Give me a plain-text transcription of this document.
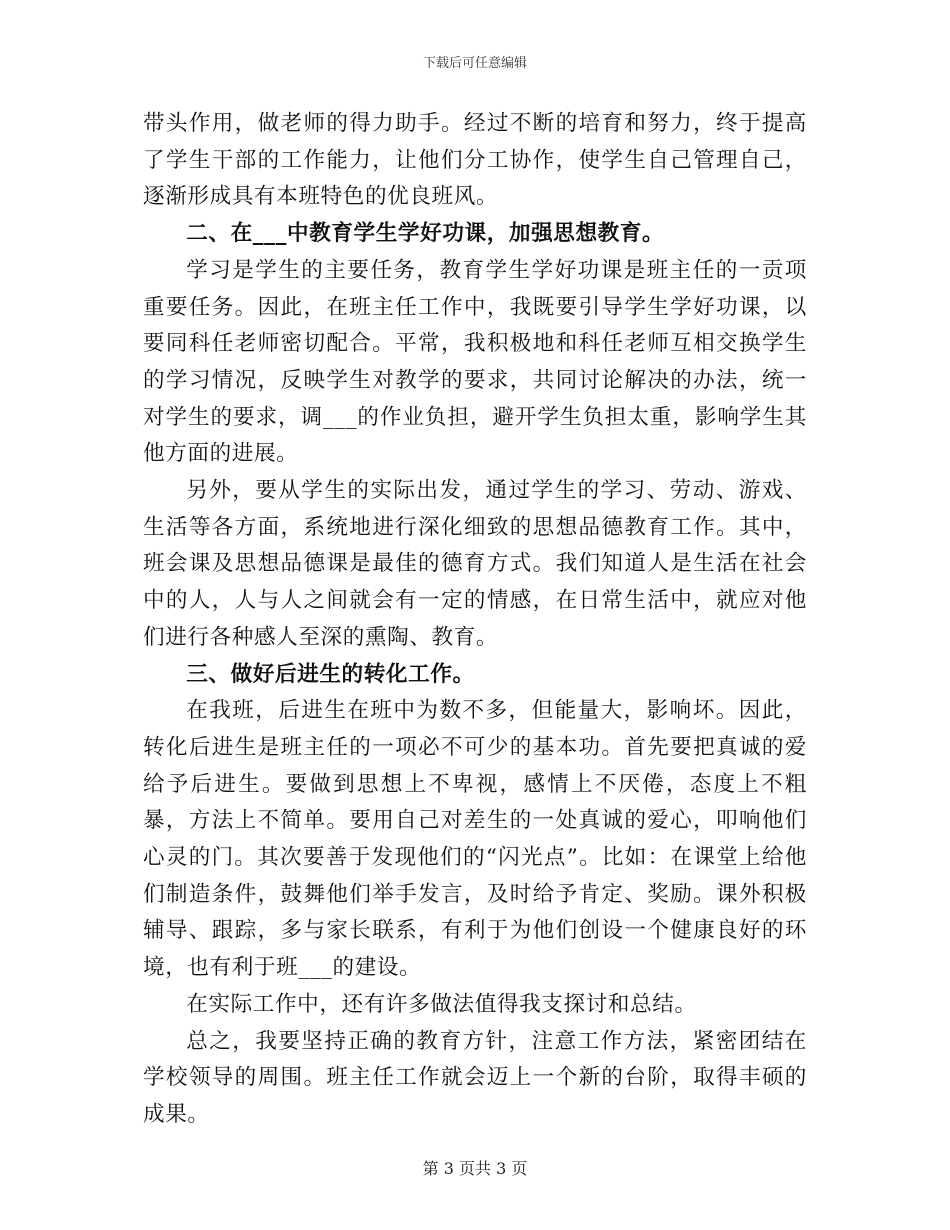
下载后可任意编辑

带头作用，做老师的得力助手。经过不断的培育和努力，终于提高了学生干部的工作能力，让他们分工协作，使学生自己管理自己，逐渐形成具有本班特色的优良班风。

二、在___中教育学生学好功课，加强思想教育。

学习是学生的主要任务，教育学生学好功课是班主任的一贡项重要任务。因此，在班主任工作中，我既要引导学生学好功课，以要同科任老师密切配合。平常，我积极地和科任老师互相交换学生的学习情况，反映学生对教学的要求，共同讨论解决的办法，统一对学生的要求，调___的作业负担，避开学生负担太重，影响学生其他方面的进展。

另外，要从学生的实际出发，通过学生的学习、劳动、游戏、生活等各方面，系统地进行深化细致的思想品德教育工作。其中，班会课及思想品德课是最佳的德育方式。我们知道人是生活在社会中的人，人与人之间就会有一定的情感，在日常生活中，就应对他们进行各种感人至深的熏陶、教育。

三、做好后进生的转化工作。

在我班，后进生在班中为数不多，但能量大，影响坏。因此，转化后进生是班主任的一项必不可少的基本功。首先要把真诚的爱给予后进生。要做到思想上不卑视，感情上不厌倦，态度上不粗暴，方法上不简单。要用自己对差生的一处真诚的爱心，叩响他们心灵的门。其次要善于发现他们的“闪光点”。比如：在课堂上给他们制造条件，鼓舞他们举手发言，及时给予肯定、奖励。课外积极辅导、跟踪，多与家长联系，有利于为他们创设一个健康良好的环境，也有利于班___的建设。

在实际工作中，还有许多做法值得我支探讨和总结。

总之，我要坚持正确的教育方针，注意工作方法，紧密团结在学校领导的周围。班主任工作就会迈上一个新的台阶，取得丰硕的成果。

第 3 页共 3 页
